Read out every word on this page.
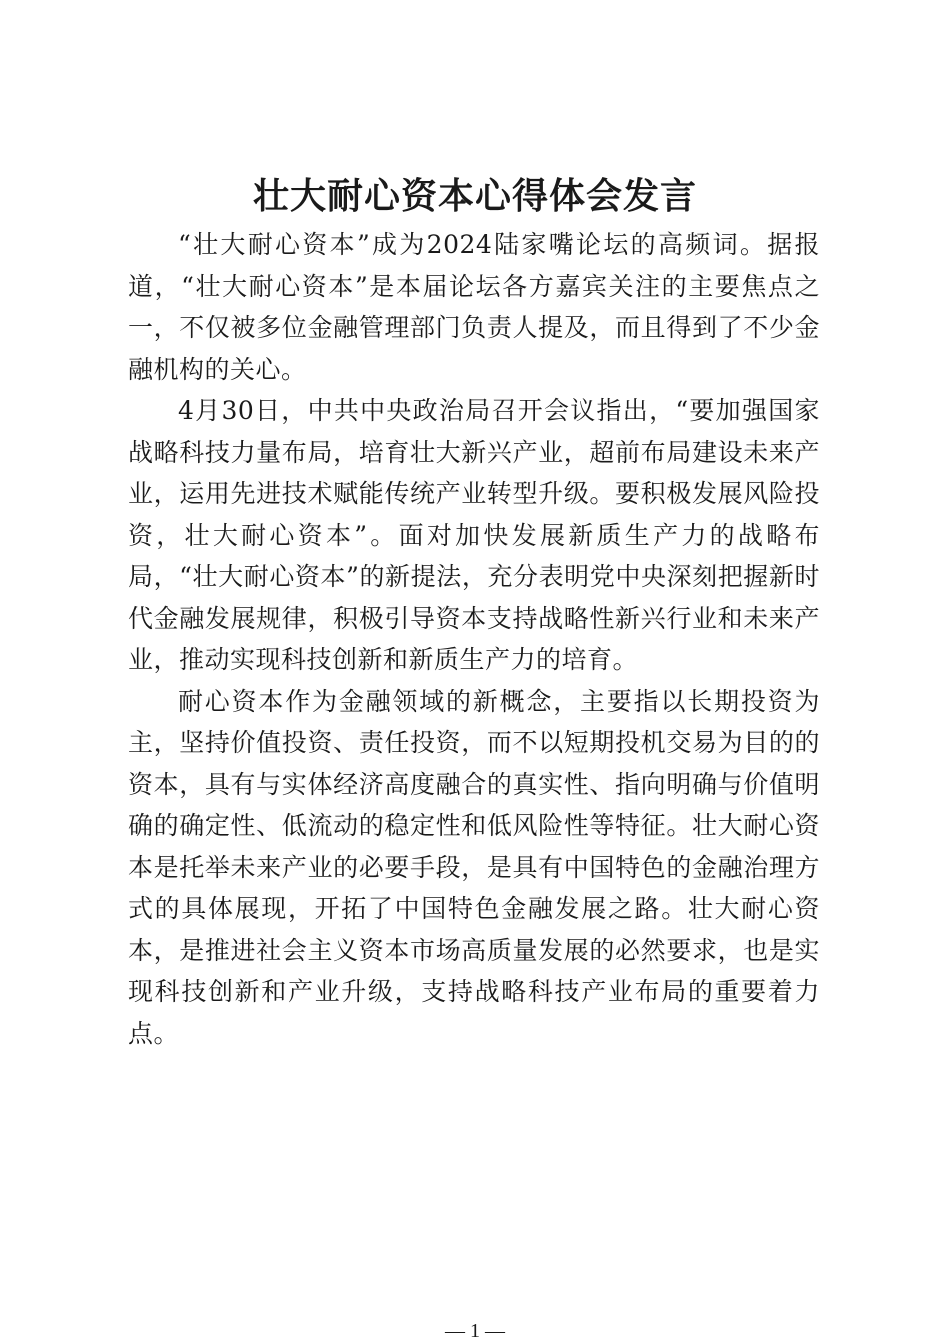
壮大耐心资本心得体会发言

“壮大耐心资本”成为2024陆家嘴论坛的高频词。据报道，“壮大耐心资本”是本届论坛各方嘉宾关注的主要焦点之一，不仅被多位金融管理部门负责人提及，而且得到了不少金融机构的关心。

4月30日，中共中央政治局召开会议指出，“要加强国家战略科技力量布局，培育壮大新兴产业，超前布局建设未来产业，运用先进技术赋能传统产业转型升级。要积极发展风险投资，壮大耐心资本”。面对加快发展新质生产力的战略布局，“壮大耐心资本”的新提法，充分表明党中央深刻把握新时代金融发展规律，积极引导资本支持战略性新兴行业和未来产业，推动实现科技创新和新质生产力的培育。

耐心资本作为金融领域的新概念，主要指以长期投资为主，坚持价值投资、责任投资，而不以短期投机交易为目的的资本，具有与实体经济高度融合的真实性、指向明确与价值明确的确定性、低流动的稳定性和低风险性等特征。壮大耐心资本是托举未来产业的必要手段，是具有中国特色的金融治理方式的具体展现，开拓了中国特色金融发展之路。壮大耐心资本，是推进社会主义资本市场高质量发展的必然要求，也是实现科技创新和产业升级，支持战略科技产业布局的重要着力点。

— 1 —
